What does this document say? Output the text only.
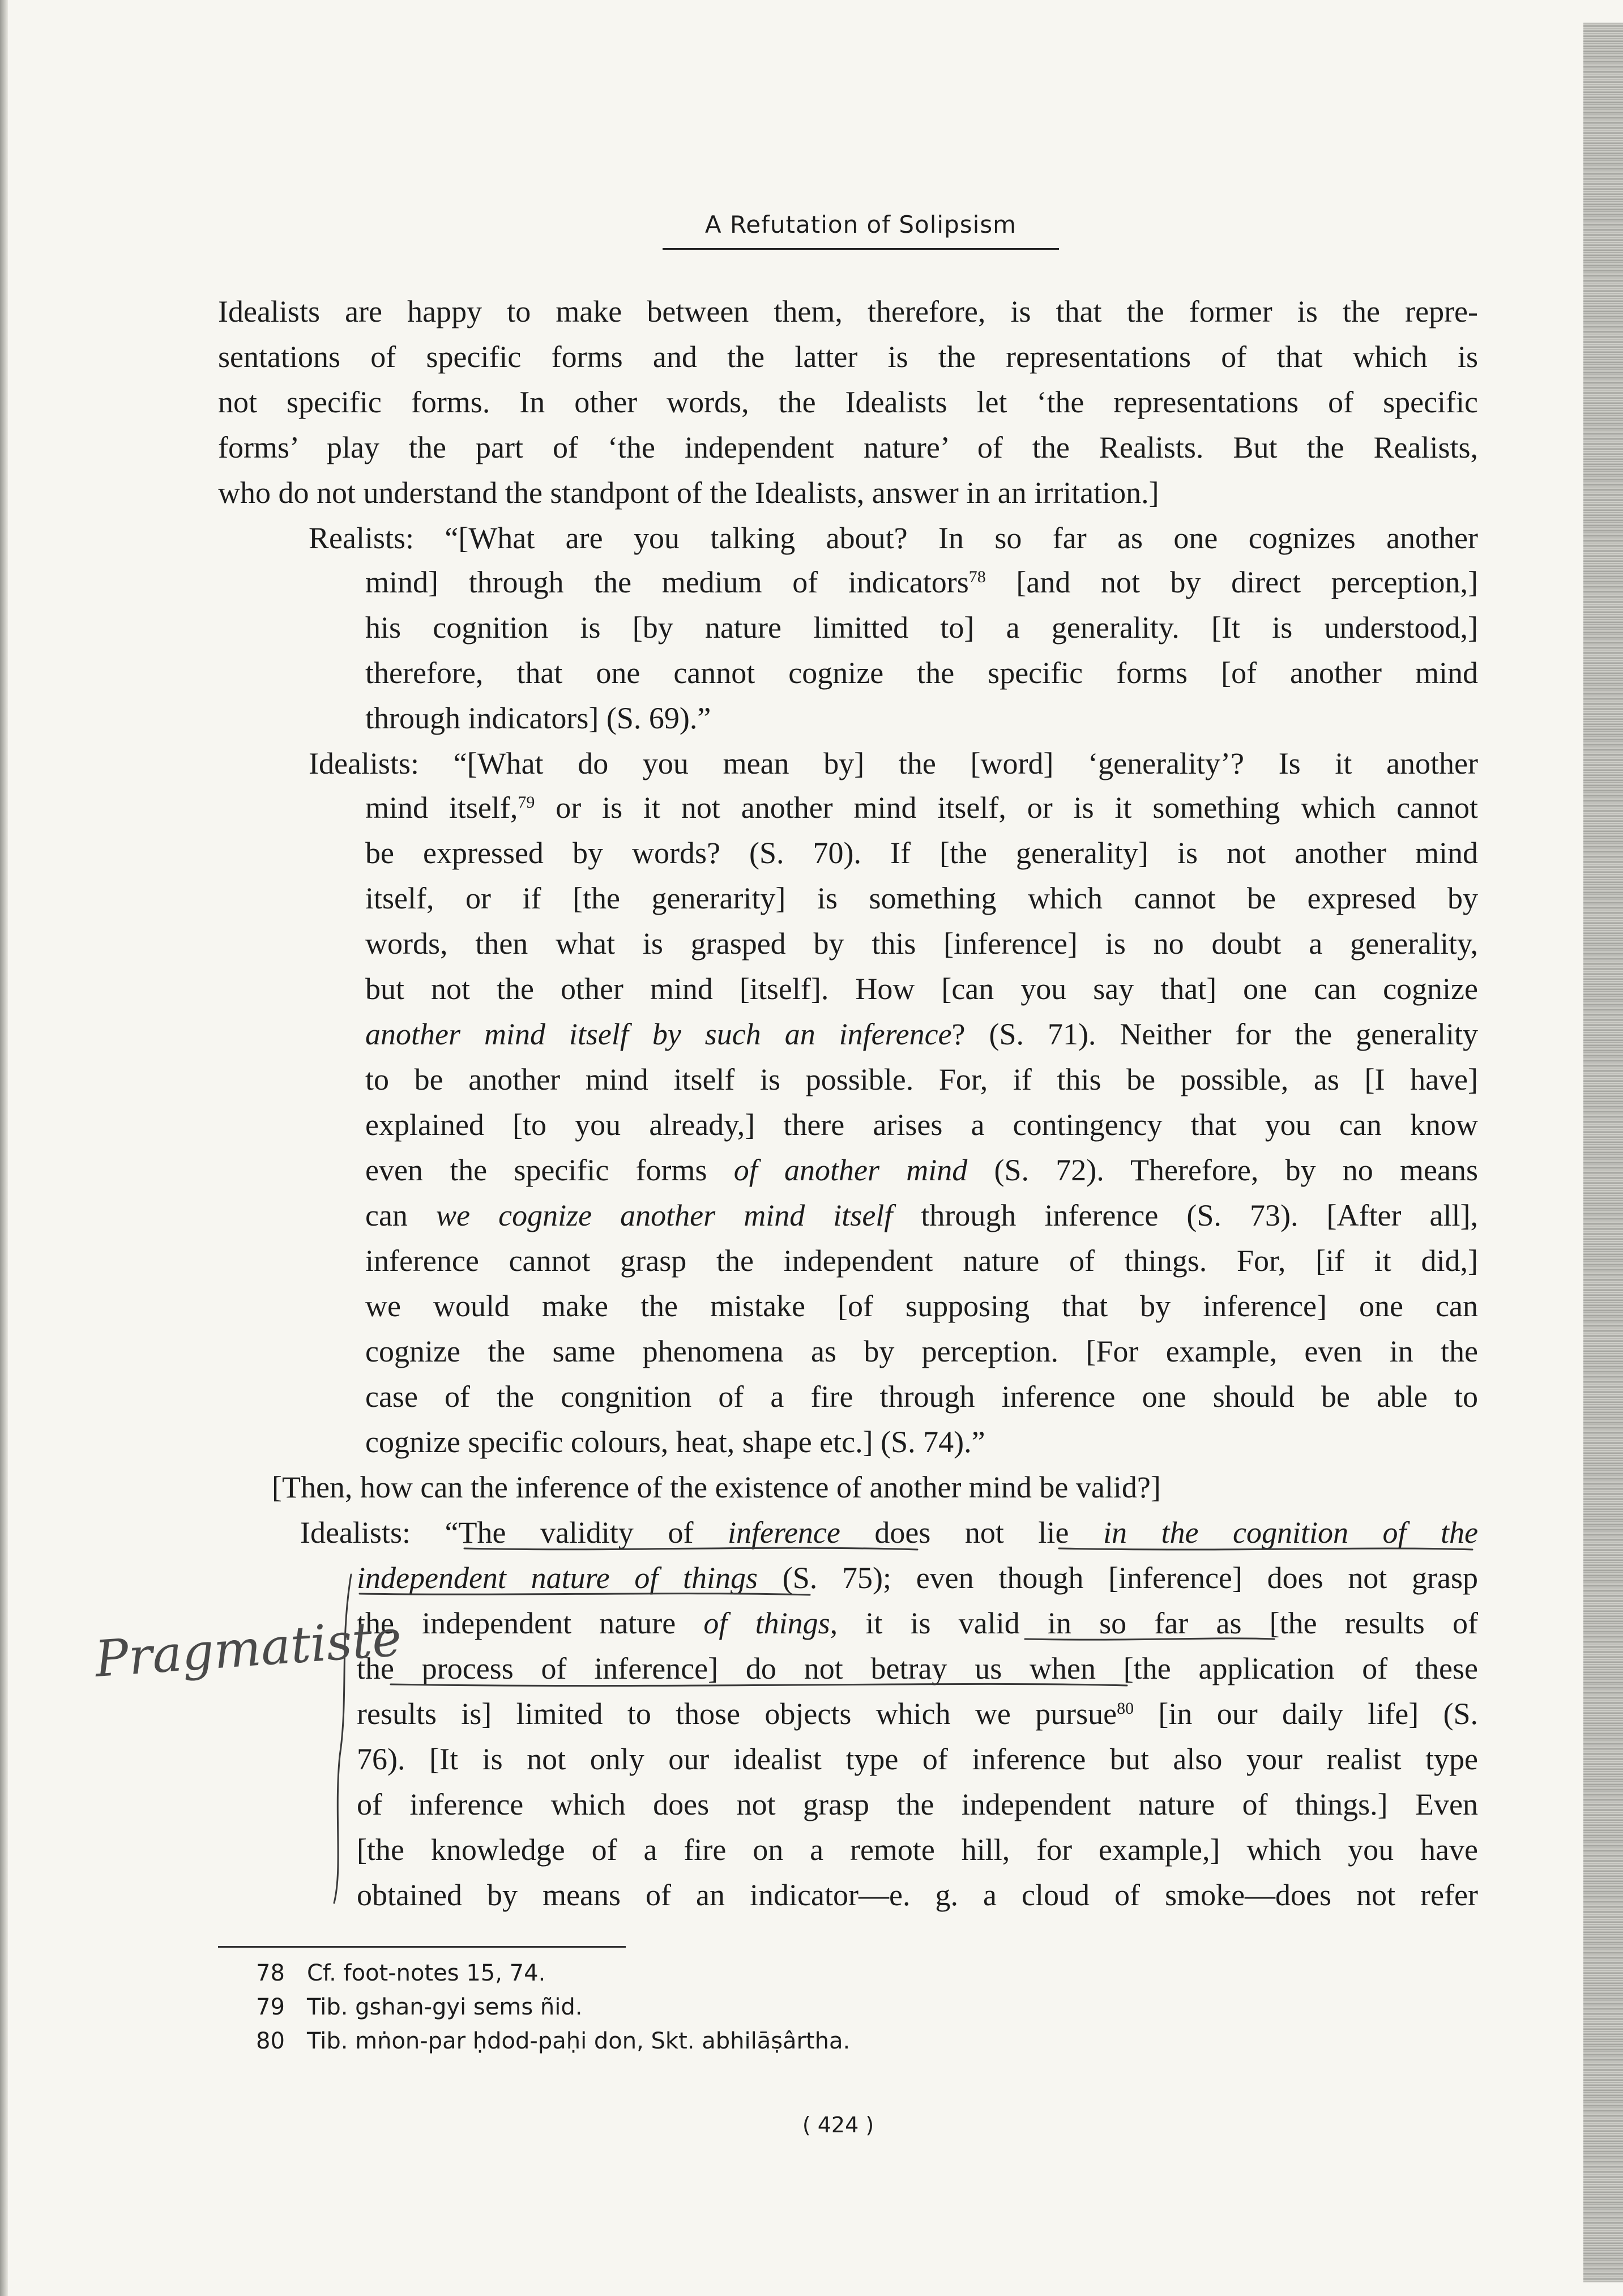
A Refutation of Solipsism
Idealists are happy to make between them, therefore, is that the former is the repre-
sentations of specific forms and the latter is the representations of that which is
not specific forms. In other words, the Idealists let ‘the representations of specific
forms’ play the part of ‘the independent nature’ of the Realists. But the Realists,
who do not understand the standpont of the Idealists, answer in an irritation.]
Realists: “[What are you talking about? In so far as one cognizes another
mind] through the medium of indicators$^{78}$ [and not by direct perception,]
his cognition is [by nature limitted to] a generality. [It is understood,]
therefore, that one cannot cognize the specific forms [of another mind
through indicators] (S. 69).”
Idealists: “[What do you mean by] the [word] ‘generality’? Is it another
mind itself,$^{79}$ or is it not another mind itself, or is it something which cannot
be expressed by words? (S. 70). If [the generality] is not another mind
itself, or if [the generarity] is something which cannot be expresed by
words, then what is grasped by this [inference] is no doubt a generality,
but not the other mind [itself]. How [can you say that] one can cognize
another mind itself by such an inference? (S. 71). Neither for the generality
to be another mind itself is possible. For, if this be possible, as [I have]
explained [to you already,] there arises a contingency that you can know
even the specific forms of another mind (S. 72). Therefore, by no means
can we cognize another mind itself through inference (S. 73). [After all],
inference cannot grasp the independent nature of things. For, [if it did,]
we would make the mistake [of supposing that by inference] one can
cognize the same phenomena as by perception. [For example, even in the
case of the congnition of a fire through inference one should be able to
cognize specific colours, heat, shape etc.] (S. 74).”
[Then, how can the inference of the existence of another mind be valid?]
Idealists: “The validity of inference does not lie in the cognition of the
independent nature of things (S. 75); even though [inference] does not grasp
the independent nature of things, it is valid in so far as [the results of
the process of inference] do not betray us when [the application of these
results is] limited to those objects which we pursue$^{80}$ [in our daily life] (S.
76). [It is not only our idealist type of inference but also your realist type
of inference which does not grasp the independent nature of things.] Even
[the knowledge of a fire on a remote hill, for example,] which you have
obtained by means of an indicator—e. g. a cloud of smoke—does not refer
Pragmatiste
78 Cf. foot-notes 15, 74.
79 Tib. gshan-gyi sems ñid.
80 Tib. mṅon-par ḥdod-paḥi don, Skt. abhilāṣârtha.
( 424 )
